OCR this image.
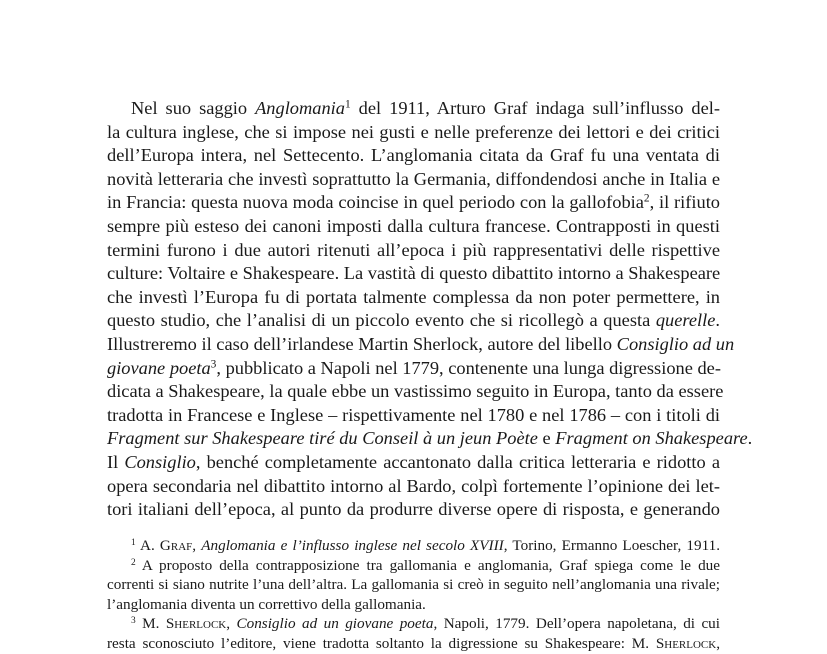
Nel suo saggio Anglomania$^1$ del 1911, Arturo Graf indaga sull’influsso del-
la cultura inglese, che si impose nei gusti e nelle preferenze dei lettori e dei critici
dell’Europa intera, nel Settecento. L’anglomania citata da Graf fu una ventata di
novità letteraria che investì soprattutto la Germania, diffondendosi anche in Italia e
in Francia: questa nuova moda coincise in quel periodo con la gallofobia$^2$, il rifiuto
sempre più esteso dei canoni imposti dalla cultura francese. Contrapposti in questi
termini furono i due autori ritenuti all’epoca i più rappresentativi delle rispettive
culture: Voltaire e Shakespeare. La vastità di questo dibattito intorno a Shakespeare
che investì l’Europa fu di portata talmente complessa da non poter permettere, in
questo studio, che l’analisi di un piccolo evento che si ricollegò a questa querelle.
Illustreremo il caso dell’irlandese Martin Sherlock, autore del libello Consiglio ad un
giovane poeta$^3$, pubblicato a Napoli nel 1779, contenente una lunga digressione de-
dicata a Shakespeare, la quale ebbe un vastissimo seguito in Europa, tanto da essere
tradotta in Francese e Inglese – rispettivamente nel 1780 e nel 1786 – con i titoli di
Fragment sur Shakespeare tiré du Conseil à un jeun Poète e Fragment on Shakespeare.
Il Consiglio, benché completamente accantonato dalla critica letteraria e ridotto a
opera secondaria nel dibattito intorno al Bardo, colpì fortemente l’opinione dei let-
tori italiani dell’epoca, al punto da produrre diverse opere di risposta, e generando
$^1$ A. Graf, Anglomania e l’influsso inglese nel secolo XVIII, Torino, Ermanno Loescher, 1911.
$^2$ A proposto della contrapposizione tra gallomania e anglomania, Graf spiega come le due
correnti si siano nutrite l’una dell’altra. La gallomania si creò in seguito nell’anglomania una rivale;
l’anglomania diventa un correttivo della gallomania.
$^3$ M. Sherlock, Consiglio ad un giovane poeta, Napoli, 1779. Dell’opera napoletana, di cui
resta sconosciuto l’editore, viene tradotta soltanto la digressione su Shakespeare: M. Sherlock,
